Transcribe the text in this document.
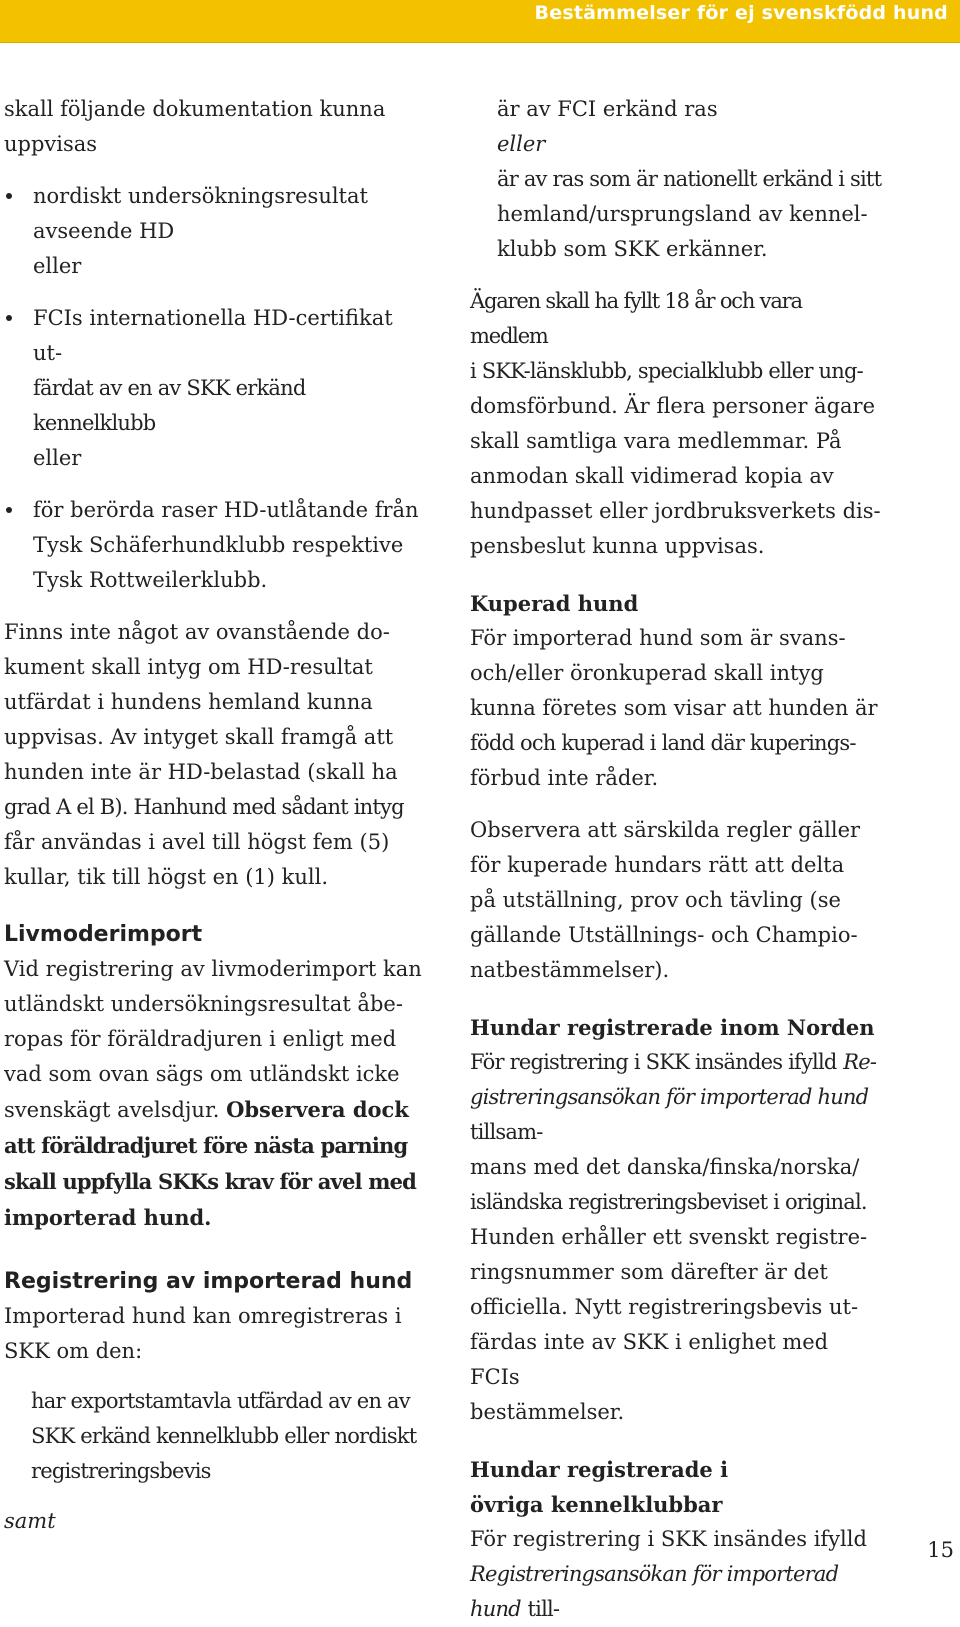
Bestämmelser för ej svenskfödd hund

skall följande dokumentation kunna
uppvisas

nordiskt undersökningsresultat
avseende HD
eller
FCIs internationella HD-certifikat ut-
färdat av en av SKK erkänd kennelklubb
eller
för berörda raser HD-utlåtande från
Tysk Schäferhundklubb respektive
Tysk Rottweilerklubb.

Finns inte något av ovanstående do-
kument skall intyg om HD-resultat
utfärdat i hundens hemland kunna
uppvisas. Av intyget skall framgå att
hunden inte är HD-belastad (skall ha
grad A el B). Hanhund med sådant intyg
får användas i avel till högst fem (5)
kullar, tik till högst en (1) kull.

Livmoderimport

Vid registrering av livmoderimport kan
utländskt undersökningsresultat åbe-
ropas för föräldradjuren i enligt med
vad som ovan sägs om utländskt icke
svenskägt avelsdjur. Observera dock
att föräldradjuret före nästa parning
skall uppfylla SKKs krav för avel med
importerad hund.

Registrering av importerad hund

Importerad hund kan omregistreras i
SKK om den:

har exportstamtavla utfärdad av en av
SKK erkänd kennelklubb eller nordiskt
registreringsbevis

samt

är av FCI erkänd ras
eller
är av ras som är nationellt erkänd i sitt
hemland/ursprungsland av kennel-
klubb som SKK erkänner.

Ägaren skall ha fyllt 18 år och vara medlem
i SKK-länsklubb, specialklubb eller ung-
domsförbund. Är flera personer ägare
skall samtliga vara medlemmar. På
anmodan skall vidimerad kopia av
hundpasset eller jordbruksverkets dis-
pensbeslut kunna uppvisas.

Kuperad hund

För importerad hund som är svans-
och/eller öronkuperad skall intyg
kunna företes som visar att hunden är
född och kuperad i land där kuperings-
förbud inte råder.

Observera att särskilda regler gäller
för kuperade hundars rätt att delta
på utställning, prov och tävling (se
gällande Utställnings- och Champio-
natbestämmelser).

Hundar registrerade inom Norden

För registrering i SKK insändes ifylld Re-
gistreringsansökan för importerad hund tillsam-
mans med det danska/finska/norska/
isländska registreringsbeviset i original.
Hunden erhåller ett svenskt registre-
ringsnummer som därefter är det
officiella. Nytt registreringsbevis ut-
färdas inte av SKK i enlighet med FCIs
bestämmelser.

Hundar registrerade i
övriga kennelklubbar

För registrering i SKK insändes ifylld
Registreringsansökan för importerad hund till-

15
